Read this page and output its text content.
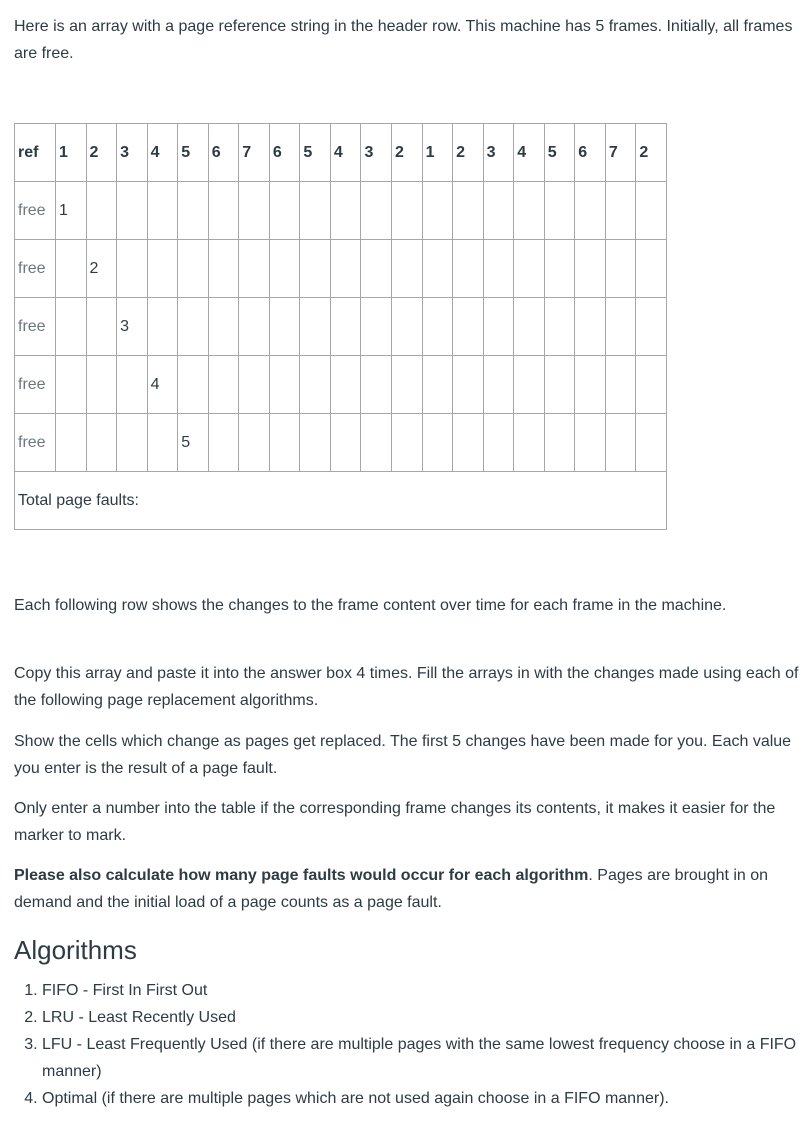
Here is an array with a page reference string in the header row. This machine has 5 frames. Initially, all frames are free.

ref	1	2	3	4	5	6	7	6	5	4	3	2	1	2	3	4	5	6	7	2
free	1																			
free		2																		
free			3																	
free				4																
free					5															
Total page faults:																				

Each following row shows the changes to the frame content over time for each frame in the machine.

Copy this array and paste it into the answer box 4 times. Fill the arrays in with the changes made using each of the following page replacement algorithms.

Show the cells which change as pages get replaced. The first 5 changes have been made for you. Each value you enter is the result of a page fault.

Only enter a number into the table if the corresponding frame changes its contents, it makes it easier for the marker to mark.

Please also calculate how many page faults would occur for each algorithm. Pages are brought in on demand and the initial load of a page counts as a page fault.

Algorithms
1. FIFO - First In First Out
2. LRU - Least Recently Used
3. LFU - Least Frequently Used (if there are multiple pages with the same lowest frequency choose in a FIFO manner)
4. Optimal (if there are multiple pages which are not used again choose in a FIFO manner).
